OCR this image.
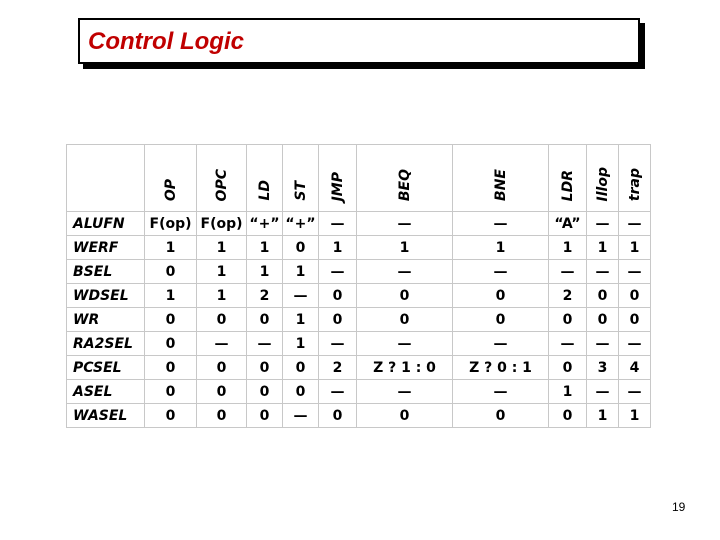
Control Logic
	OP	OPC	LD	ST	JMP	BEQ	BNE	LDR	Illop	trap
ALUFN	F(op)	F(op)	“+”	“+”	—	—	—	“A”	—	—
WERF	1	1	1	0	1	1	1	1	1	1
BSEL	0	1	1	1	—	—	—	—	—	—
WDSEL	1	1	2	—	0	0	0	2	0	0
WR	0	0	0	1	0	0	0	0	0	0
RA2SEL	0	—	—	1	—	—	—	—	—	—
PCSEL	0	0	0	0	2	Z ? 1 : 0	Z ? 0 : 1	0	3	4
ASEL	0	0	0	0	—	—	—	1	—	—
WASEL	0	0	0	—	0	0	0	0	1	1
19
